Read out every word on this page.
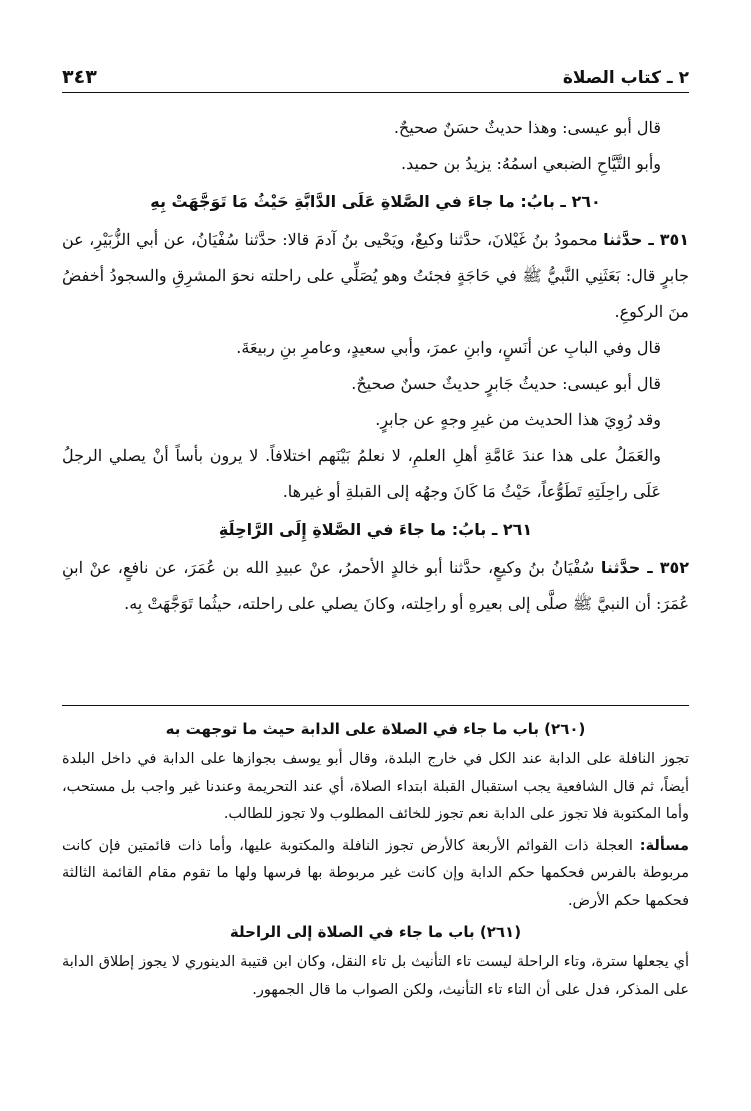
٢ ـ كتاب الصلاة
٣٤٣

قال أبو عيسى: وهذا حديثٌ حسَنٌ صحيحٌ.

وأبو التَّيَّاحِ الضبعي اسمُهُ: يزيدُ بن حميد.

٢٦٠ ـ بابُ: ما جاءَ في الصَّلاةِ عَلَى الدَّابَّةِ حَيْثُ مَا تَوَجَّهَتْ بِهِ

٣٥١ ـ حدَّثنا محمودُ بنُ غَيْلانَ، حدَّثنا وكيعٌ، ويَحْيى بنُ آدمَ قالا: حدَّثنا سُفْيَانُ، عن أبي الزُّبَيْرِ، عن جابرٍ قال: بَعَثَنِي النَّبيُّ ﷺ في حَاجَةٍ فجئتُ وهو يُصَلِّي على راحلته نحوَ المشرِقِ والسجودُ أخفضُ منَ الركوعِ.

قال وفي البابِ عن أنَسٍ، وابنِ عمرَ، وأبي سعيدٍ، وعامرِ بنِ ربيعَةَ.

قال أبو عيسى: حديثُ جَابرٍ حديثٌ حسنٌ صحيحٌ.

وقد رُوِيَ هذا الحديث من غيرِ وجهٍ عن جابرٍ.

والعَمَلُ على هذا عندَ عَامَّةِ أهلِ العلمِ، لا نعلمُ بَيْنَهم اختلافاً. لا يرون بأساً أنْ يصلي الرجلُ عَلَى راحِلَتِهِ تَطَوُّعاً، حَيْثُ مَا كَانَ وجهُه إلى القبلةِ أو غيرها.

٢٦١ ـ بابُ: ما جاءَ في الصَّلاةِ إِلَى الرَّاحِلَةِ

٣٥٢ ـ حدَّثنا سُفْيَانُ بنُ وكيعٍ، حدَّثنا أبو خالدٍ الأحمرُ، عنْ عبيدِ الله بن عُمَرَ، عن نافعٍ، عنْ ابنِ عُمَرَ: أن النبيَّ ﷺ صلَّى إلى بعيرهِ أو راحِلته، وكانَ يصلي على راحلته، حيثُما تَوَجَّهَتْ بِه.

(٢٦٠) باب ما جاء في الصلاة على الدابة حيث ما توجهت به

تجوز النافلة على الدابة عند الكل في خارج البلدة، وقال أبو يوسف بجوازها على الدابة في داخل البلدة أيضاً، ثم قال الشافعية يجب استقبال القبلة ابتداء الصلاة، أي عند التحريمة وعندنا غير واجب بل مستحب، وأما المكتوبة فلا تجوز على الدابة نعم تجوز للخائف المطلوب ولا تجوز للطالب.

مسألة: العجلة ذات القوائم الأربعة كالأرض تجوز النافلة والمكتوبة عليها، وأما ذات قائمتين فإن كانت مربوطة بالفرس فحكمها حكم الدابة وإن كانت غير مربوطة بها فرسها ولها ما تقوم مقام القائمة الثالثة فحكمها حكم الأرض.

(٢٦١) باب ما جاء في الصلاة إلى الراحلة

أي يجعلها سترة، وتاء الراحلة ليست تاء التأنيث بل تاء النقل، وكان ابن قتيبة الدينوري لا يجوز إطلاق الدابة على المذكر، فدل على أن التاء تاء التأنيث، ولكن الصواب ما قال الجمهور.
